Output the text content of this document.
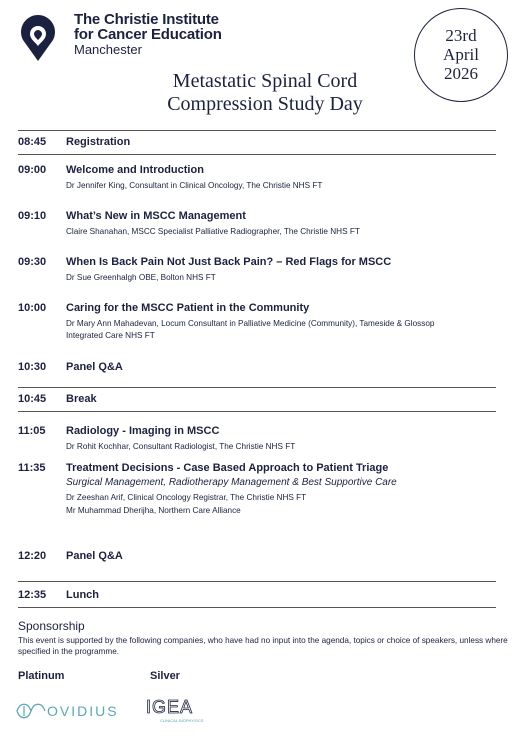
The Christie Institute
for Cancer Education
Manchester
23rd
April
2026
Metastatic Spinal Cord
Compression Study Day
08:45 Registration
09:00 Welcome and Introduction
Dr Jennifer King, Consultant in Clinical Oncology, The Christie NHS FT
09:10 What’s New in MSCC Management
Claire Shanahan, MSCC Specialist Palliative Radiographer, The Christie NHS FT
09:30 When Is Back Pain Not Just Back Pain? – Red Flags for MSCC
Dr Sue Greenhalgh OBE, Bolton NHS FT
10:00 Caring for the MSCC Patient in the Community
Dr Mary Ann Mahadevan, Locum Consultant in Palliative Medicine (Community), Tameside & Glossop
Integrated Care NHS FT
10:30 Panel Q&A
10:45 Break
11:05 Radiology - Imaging in MSCC
Dr Rohit Kochhar, Consultant Radiologist, The Christie NHS FT
11:35 Treatment Decisions - Case Based Approach to Patient Triage
Surgical Management, Radiotherapy Management & Best Supportive Care
Dr Zeeshan Arif, Clinical Oncology Registrar, The Christie NHS FT
Mr Muhammad Dherijha, Northern Care Alliance
12:20 Panel Q&A
12:35 Lunch
Sponsorship
This event is supported by the following companies, who have had no input into the agenda, topics or choice of speakers, unless where specified in the programme.
Platinum	Silver
OVIDIUS IGEA
CLINICAL BIOPHYSICS
